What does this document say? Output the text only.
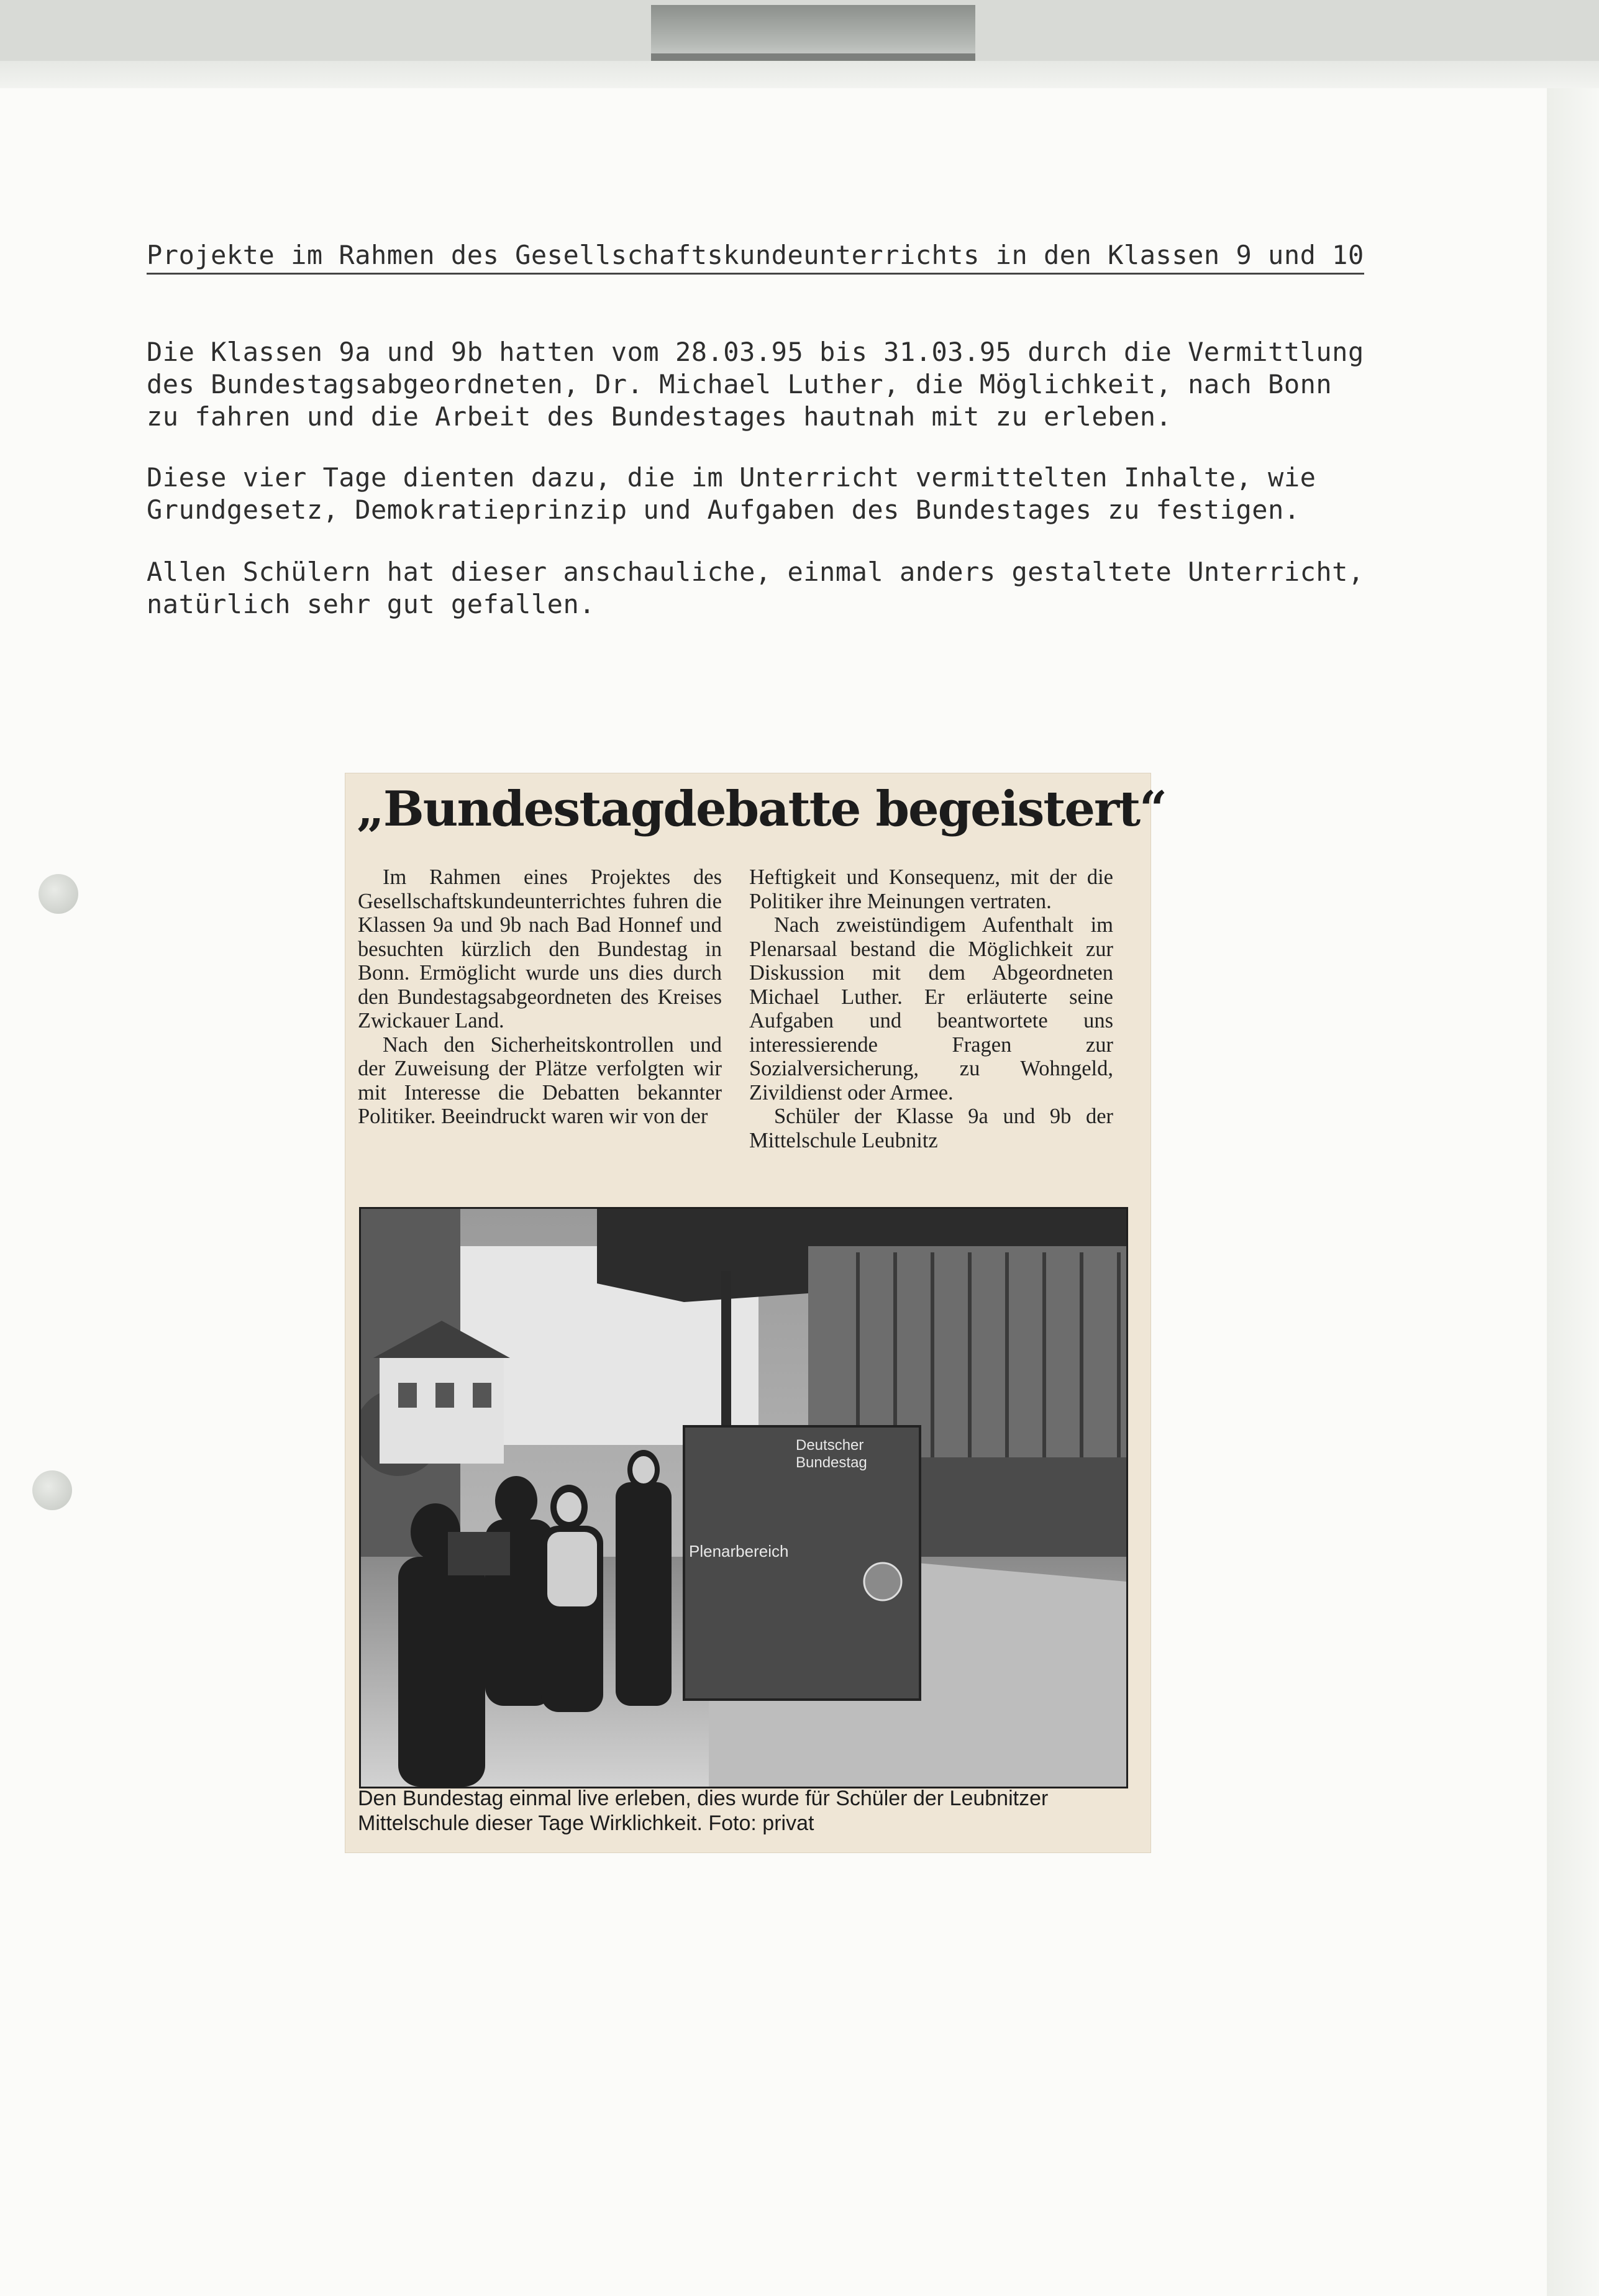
Projekte im Rahmen des Gesellschaftskundeunterrichts in den Klassen 9 und 10

Die Klassen 9a und 9b hatten vom 28.03.95 bis 31.03.95 durch die Vermittlung
des Bundestagsabgeordneten, Dr. Michael Luther, die Möglichkeit, nach Bonn
zu fahren und die Arbeit des Bundestages hautnah mit zu erleben.

Diese vier Tage dienten dazu, die im Unterricht vermittelten Inhalte, wie
Grundgesetz, Demokratieprinzip und Aufgaben des Bundestages zu festigen.

Allen Schülern hat dieser anschauliche, einmal anders gestaltete Unterricht,
natürlich sehr gut gefallen.

„Bundestagdebatte begeistert“

Im Rahmen eines Projektes des Gesellschaftskundeunterrichtes fuhren die Klassen 9a und 9b nach Bad Honnef und besuchten kürzlich den Bundestag in Bonn. Ermöglicht wurde uns dies durch den Bundestagsabgeordneten des Kreises Zwickauer Land.

Nach den Sicherheitskontrollen und der Zuweisung der Plätze verfolgten wir mit Interesse die Debatten bekannter Politiker. Beeindruckt waren wir von der

Heftigkeit und Konsequenz, mit der die Politiker ihre Meinungen vertraten.

Nach zweistündigem Aufenthalt im Plenarsaal bestand die Möglichkeit zur Diskussion mit dem Abgeordneten Michael Luther. Er erläuterte seine Aufgaben und beantwortete uns interessierende Fragen zur Sozialversicherung, zu Wohngeld, Zivildienst oder Armee.

Schüler der Klasse 9a und 9b der Mittelschule Leubnitz

Deutscher
Bundestag
Plenarbereich

Den Bundestag einmal live erleben, dies wurde für Schüler der Leubnitzer Mittelschule dieser Tage Wirklichkeit. Foto: privat
